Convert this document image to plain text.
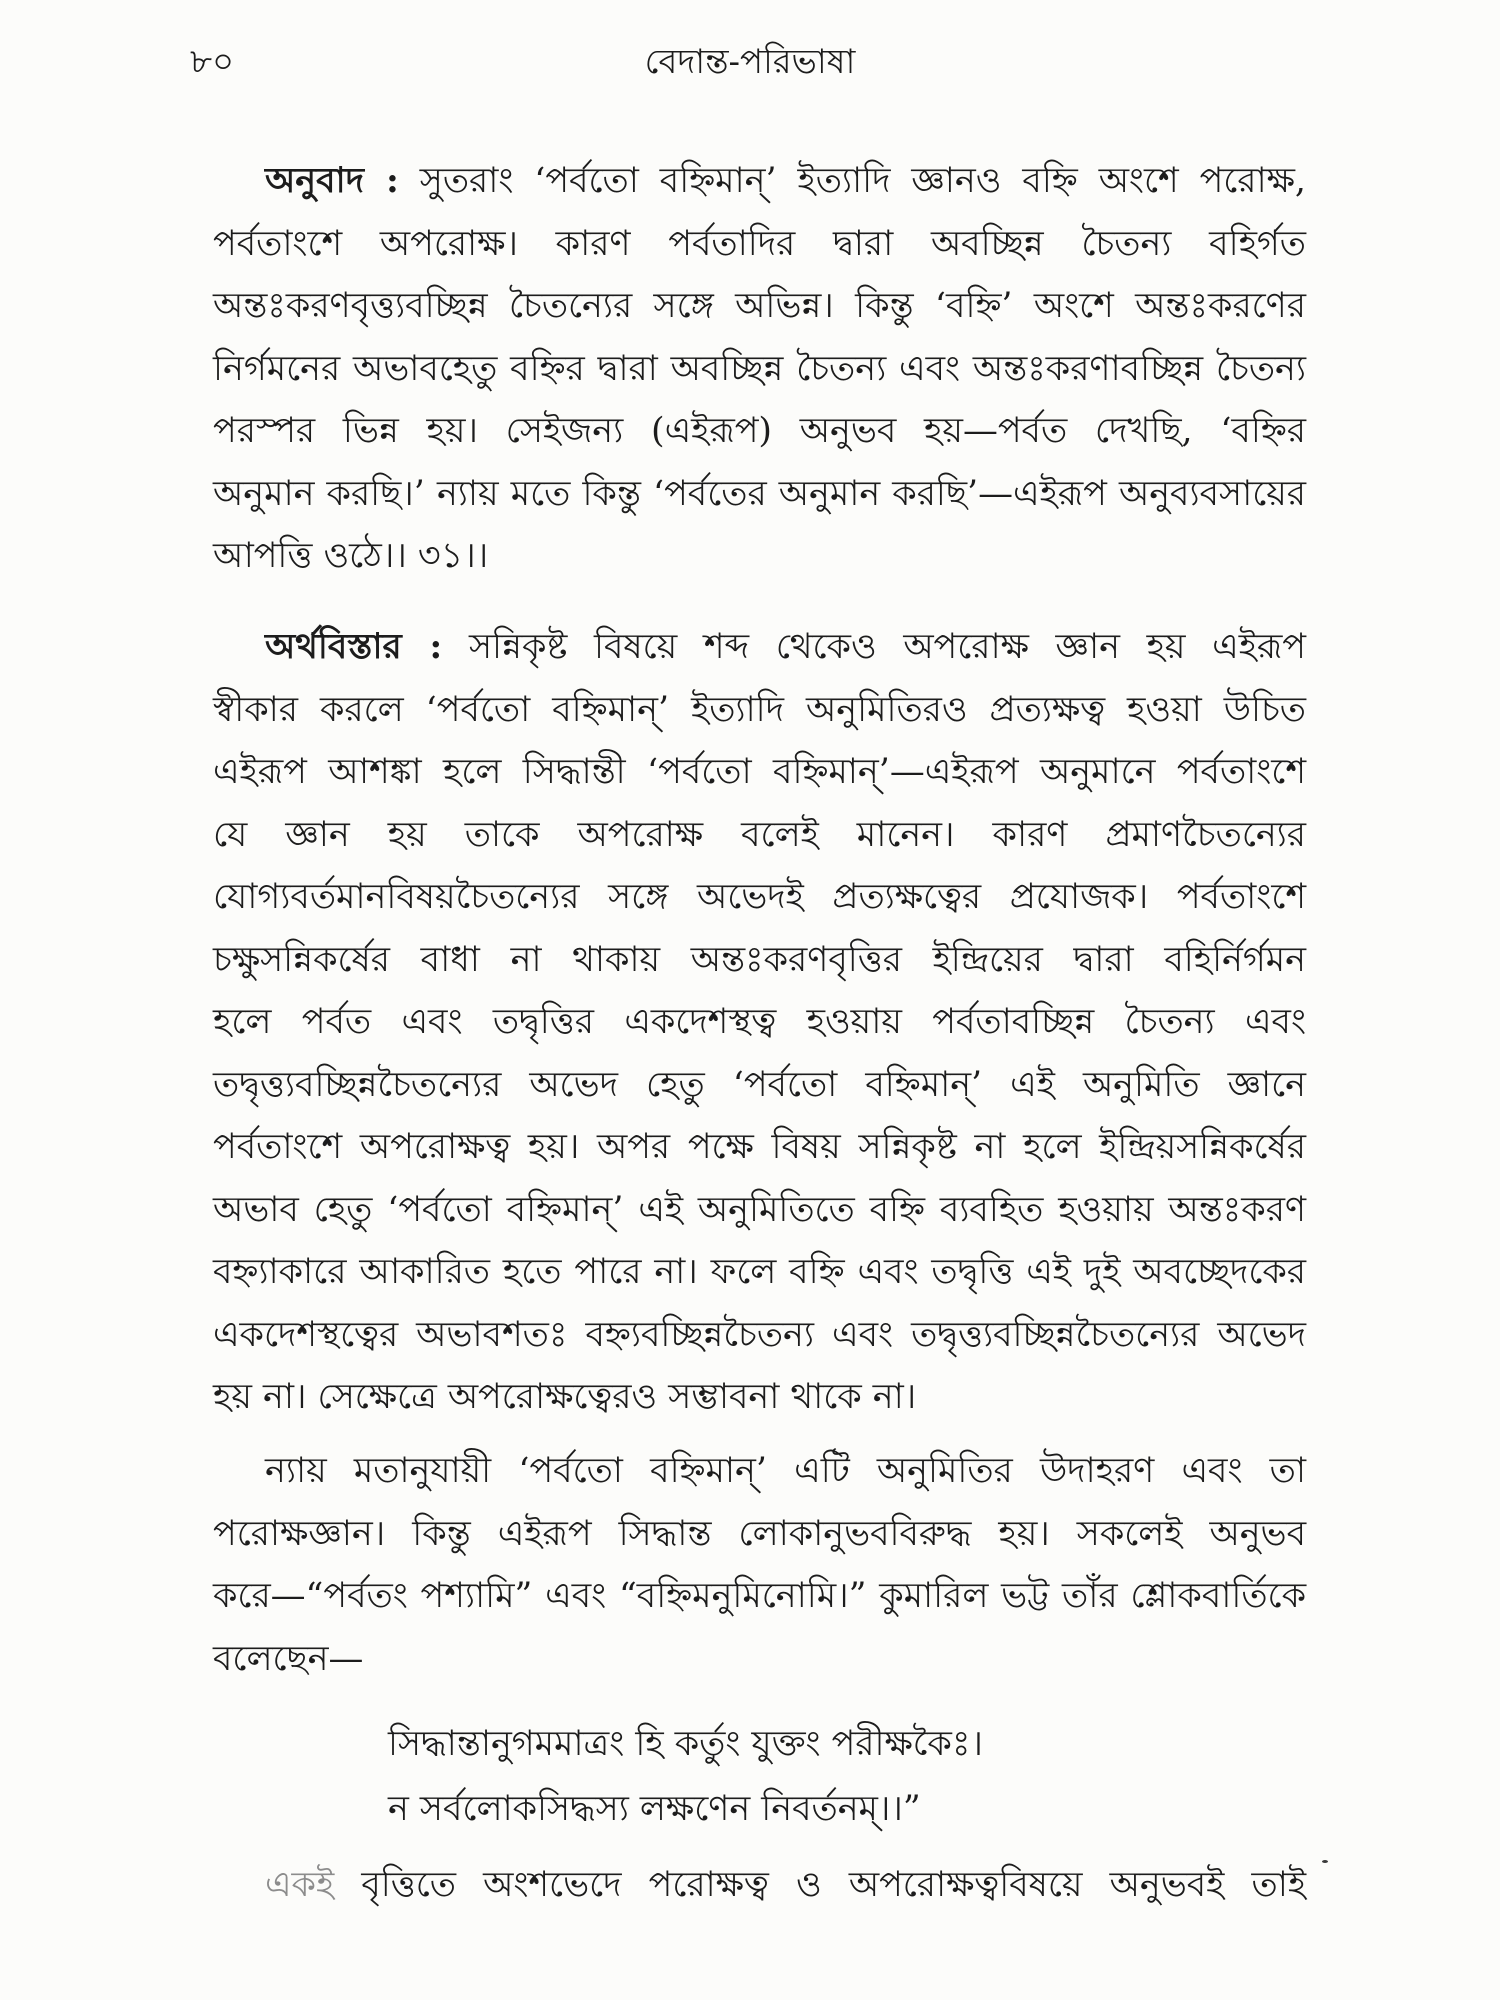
বেদান্ত-পরিভাষা
৮০
অনুবাদ : সুতরাং ‘পর্বতো বহ্নিমান্’ ইত্যাদি জ্ঞানও বহ্নি অংশে পরোক্ষ,
পর্বতাংশে অপরোক্ষ। কারণ পর্বতাদির দ্বারা অবচ্ছিন্ন চৈতন্য বহির্গত
অন্তঃকরণবৃত্ত্যবচ্ছিন্ন চৈতন্যের সঙ্গে অভিন্ন। কিন্তু ‘বহ্নি’ অংশে অন্তঃকরণের
নির্গমনের অভাবহেতু বহ্নির দ্বারা অবচ্ছিন্ন চৈতন্য এবং অন্তঃকরণাবচ্ছিন্ন চৈতন্য
পরস্পর ভিন্ন হয়। সেইজন্য (এইরূপ) অনুভব হয়—পর্বত দেখছি, ‘বহ্নির
অনুমান করছি।’ ন্যায় মতে কিন্তু ‘পর্বতের অনুমান করছি’—এইরূপ অনুব্যবসায়ের
আপত্তি ওঠে।। ৩১।।
অর্থবিস্তার : সন্নিকৃষ্ট বিষয়ে শব্দ থেকেও অপরোক্ষ জ্ঞান হয় এইরূপ
স্বীকার করলে ‘পর্বতো বহ্নিমান্’ ইত্যাদি অনুমিতিরও প্রত্যক্ষত্ব হওয়া উচিত
এইরূপ আশঙ্কা হলে সিদ্ধান্তী ‘পর্বতো বহ্নিমান্’—এইরূপ অনুমানে পর্বতাংশে
যে জ্ঞান হয় তাকে অপরোক্ষ বলেই মানেন। কারণ প্রমাণচৈতন্যের
যোগ্যবর্তমানবিষয়চৈতন্যের সঙ্গে অভেদই প্রত্যক্ষত্বের প্রযোজক। পর্বতাংশে
চক্ষুসন্নিকর্ষের বাধা না থাকায় অন্তঃকরণবৃত্তির ইন্দ্রিয়ের দ্বারা বহির্নির্গমন
হলে পর্বত এবং তদ্বৃত্তির একদেশস্থত্ব হওয়ায় পর্বতাবচ্ছিন্ন চৈতন্য এবং
তদ্বৃত্ত্যবচ্ছিন্নচৈতন্যের অভেদ হেতু ‘পর্বতো বহ্নিমান্’ এই অনুমিতি জ্ঞানে
পর্বতাংশে অপরোক্ষত্ব হয়। অপর পক্ষে বিষয় সন্নিকৃষ্ট না হলে ইন্দ্রিয়সন্নিকর্ষের
অভাব হেতু ‘পর্বতো বহ্নিমান্’ এই অনুমিতিতে বহ্নি ব্যবহিত হওয়ায় অন্তঃকরণ
বহ্ন্যাকারে আকারিত হতে পারে না। ফলে বহ্নি এবং তদ্বৃত্তি এই দুই অবচ্ছেদকের
একদেশস্থত্বের অভাবশতঃ বহ্ন্যবচ্ছিন্নচৈতন্য এবং তদ্বৃত্ত্যবচ্ছিন্নচৈতন্যের অভেদ
হয় না। সেক্ষেত্রে অপরোক্ষত্বেরও সম্ভাবনা থাকে না।
ন্যায় মতানুযায়ী ‘পর্বতো বহ্নিমান্’ এটি অনুমিতির উদাহরণ এবং তা
পরোক্ষজ্ঞান। কিন্তু এইরূপ সিদ্ধান্ত লোকানুভববিরুদ্ধ হয়। সকলেই অনুভব
করে—“পর্বতং পশ্যামি” এবং “বহ্নিমনুমিনোমি।” কুমারিল ভট্ট তাঁর শ্লোকবার্তিকে
বলেছেন—
সিদ্ধান্তানুগমমাত্রং হি কর্তুং যুক্তং পরীক্ষকৈঃ।
ন সর্বলোকসিদ্ধস্য লক্ষণেন নিবর্তনম্।।”
একই বৃত্তিতে অংশভেদে পরোক্ষত্ব ও অপরোক্ষত্ববিষয়ে অনুভবই তাই
